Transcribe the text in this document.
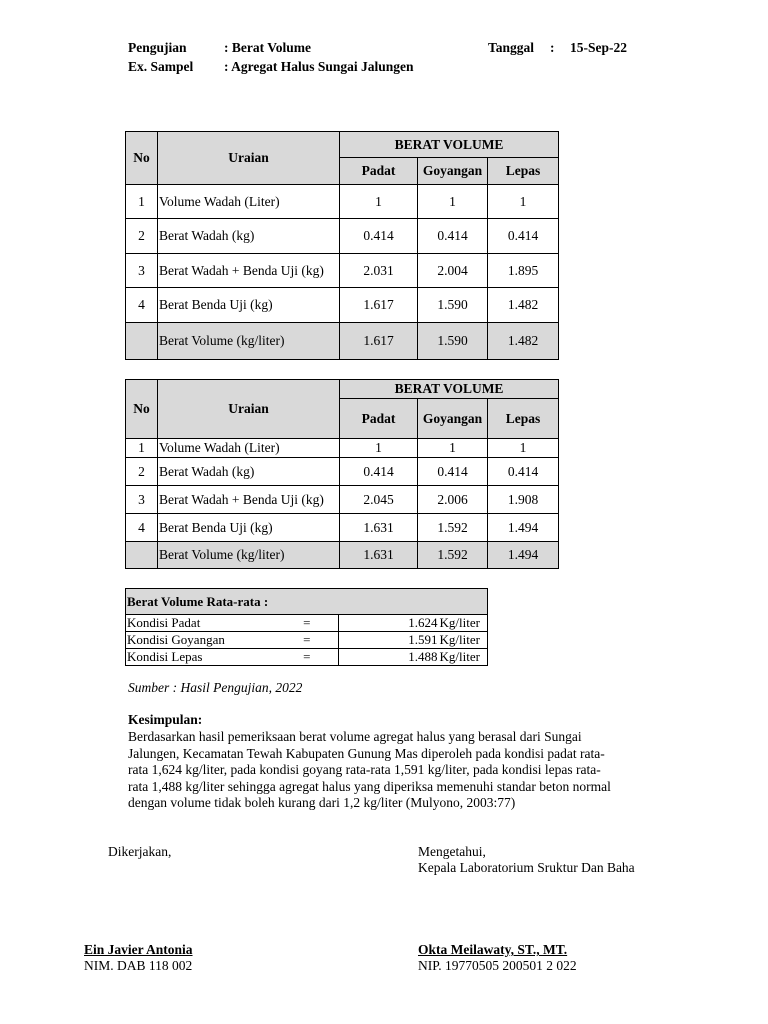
Pengujian	: Berat Volume
Ex. Sampel : Agregat Halus Sungai Jalungen
Tanggal : 15-Sep-22
No	Uraian	BERAT VOLUME		
		Padat	Goyangan	Lepas
1	Volume Wadah (Liter)	1	1	1
2	Berat Wadah (kg)	0.414	0.414	0.414
3	Berat Wadah + Benda Uji (kg)	2.031	2.004	1.895
4	Berat Benda Uji (kg)	1.617	1.590	1.482
	Berat Volume (kg/liter)	1.617	1.590	1.482
No	Uraian	BERAT VOLUME		
		Padat	Goyangan	Lepas
1	Volume Wadah (Liter)	1	1	1
2	Berat Wadah (kg)	0.414	0.414	0.414
3	Berat Wadah + Benda Uji (kg)	2.045	2.006	1.908
4	Berat Benda Uji (kg)	1.631	1.592	1.494
	Berat Volume (kg/liter)	1.631	1.592	1.494
Berat Volume Rata-rata :			
Kondisi Padat	=	1.624	Kg/liter
Kondisi Goyangan	=	1.591	Kg/liter
Kondisi Lepas	=	1.488	Kg/liter
Sumber : Hasil Pengujian, 2022
Kesimpulan:
Berdasarkan hasil pemeriksaan berat volume agregat halus yang berasal dari Sungai
Jalungen, Kecamatan Tewah Kabupaten Gunung Mas diperoleh pada kondisi padat rata-
rata 1,624 kg/liter, pada kondisi goyang rata-rata 1,591 kg/liter, pada kondisi lepas rata-
rata 1,488 kg/liter sehingga agregat halus yang diperiksa memenuhi standar beton normal
dengan volume tidak boleh kurang dari 1,2 kg/liter (Mulyono, 2003:77)
Dikerjakan,	Mengetahui,
Kepala Laboratorium Sruktur Dan Baha
Ein Javier Antonia
NIM. DAB 118 002
Okta Meilawaty, ST., MT.
NIP. 19770505 200501 2 022
